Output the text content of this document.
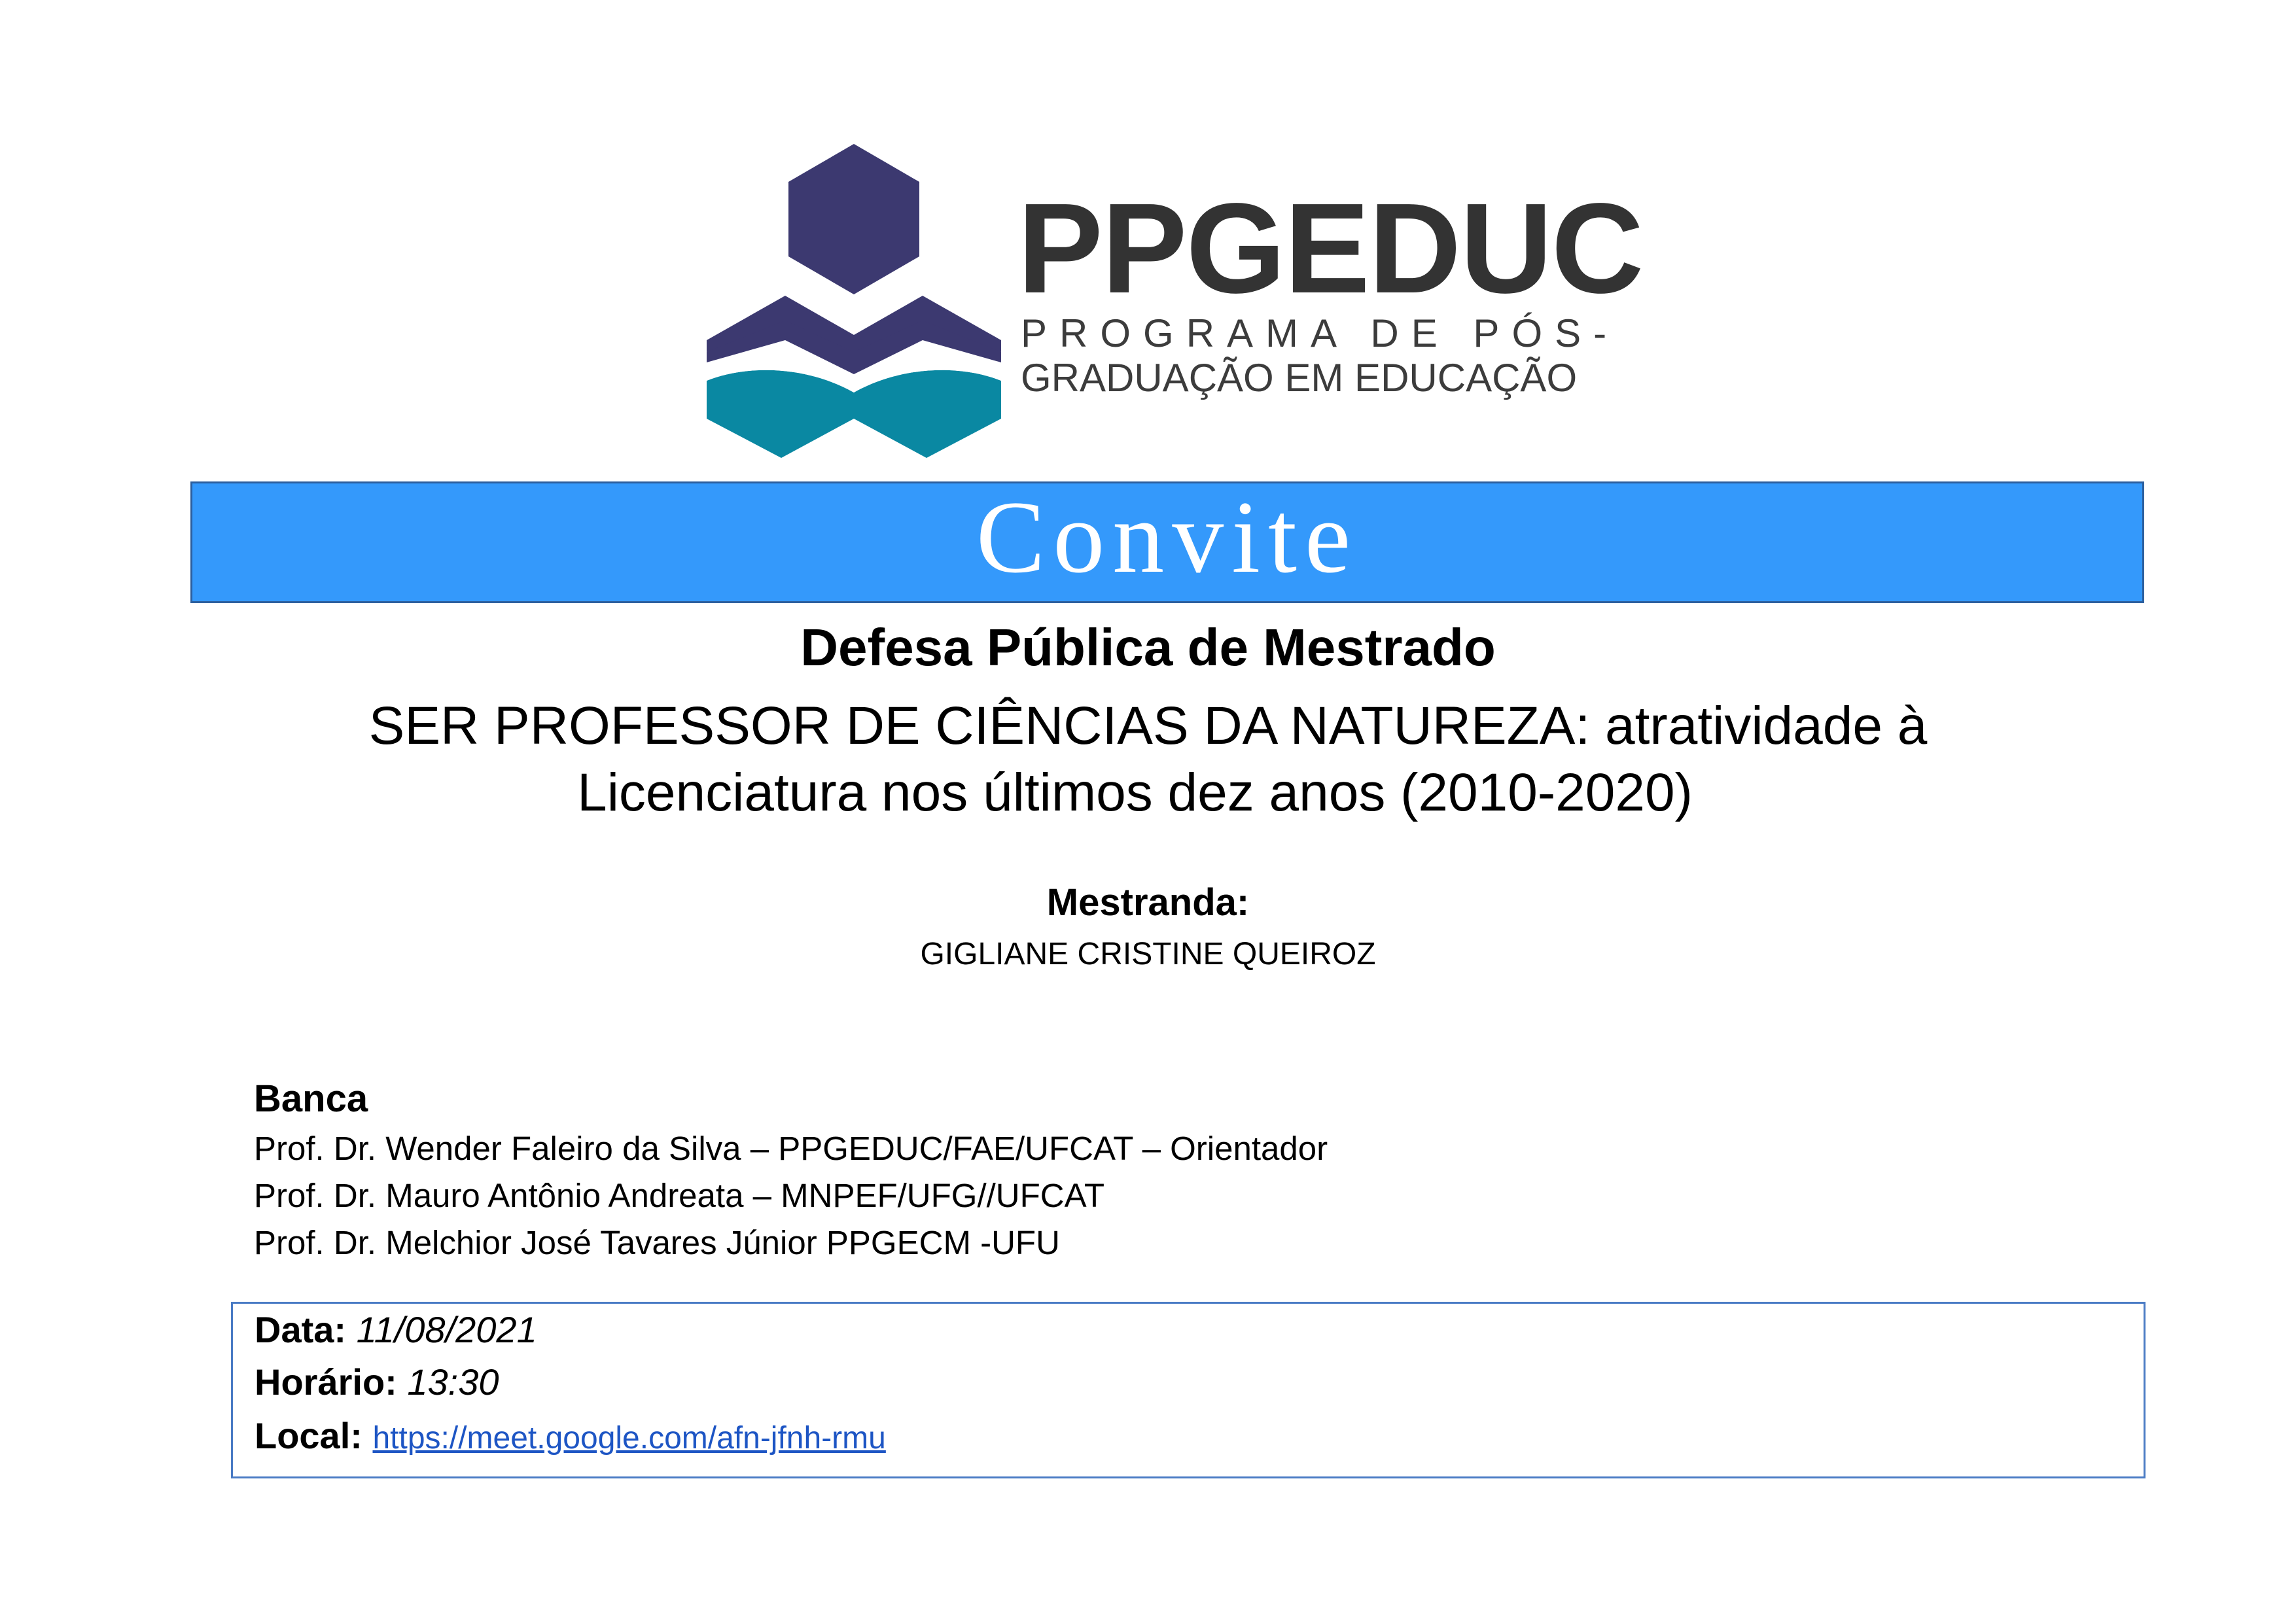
PPGEDUC
PROGRAMA DE PÓS-
GRADUAÇÃO EM EDUCAÇÃO
Convite
Defesa Pública de Mestrado
SER PROFESSOR DE CIÊNCIAS DA NATUREZA: atratividade à
Licenciatura nos últimos dez anos (2010-2020)
Mestranda:
GIGLIANE CRISTINE QUEIROZ
Banca
Prof. Dr. Wender Faleiro da Silva – PPGEDUC/FAE/UFCAT – Orientador
Prof. Dr. Mauro Antônio Andreata – MNPEF/UFG//UFCAT
Prof. Dr. Melchior José Tavares Júnior PPGECM -UFU
Data: 11/08/2021
Horário: 13:30
Local: https://meet.google.com/afn-jfnh-rmu
